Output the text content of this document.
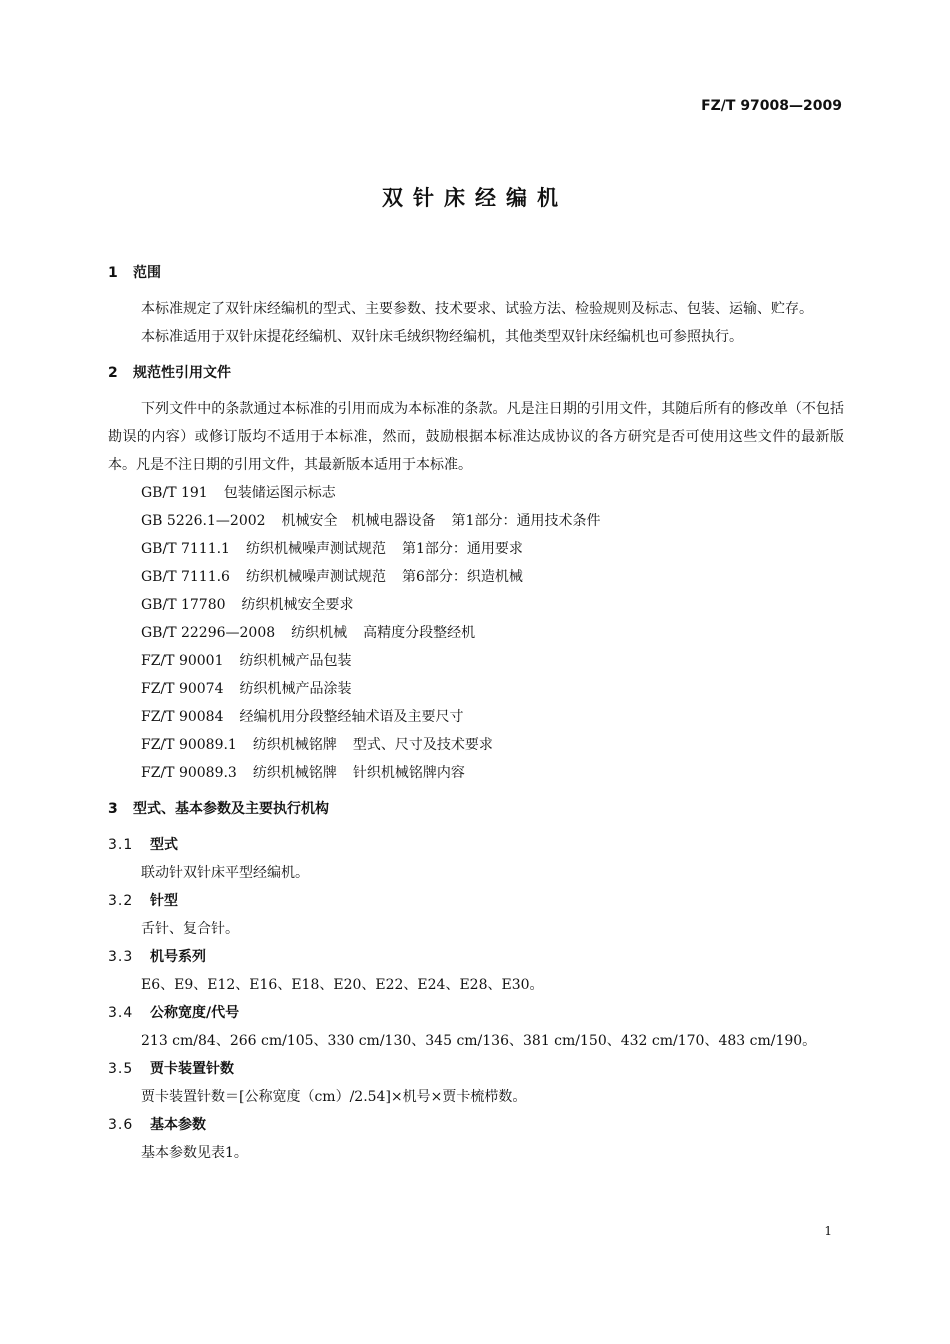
FZ/T 97008—2009
双针床经编机
1 范围

本标准规定了双针床经编机的型式、主要参数、技术要求、试验方法、检验规则及标志、包装、运输、贮存。

本标准适用于双针床提花经编机、双针床毛绒织物经编机，其他类型双针床经编机也可参照执行。

2 规范性引用文件

下列文件中的条款通过本标准的引用而成为本标准的条款。凡是注日期的引用文件，其随后所有的修改单（不包括勘误的内容）或修订版均不适用于本标准，然而，鼓励根据本标准达成协议的各方研究是否可使用这些文件的最新版本。凡是不注日期的引用文件，其最新版本适用于本标准。

GB/T 191 包装储运图示标志

GB 5226.1—2002 机械安全　机械电器设备 第1部分：通用技术条件

GB/T 7111.1 纺织机械噪声测试规范 第1部分：通用要求

GB/T 7111.6 纺织机械噪声测试规范 第6部分：织造机械

GB/T 17780 纺织机械安全要求

GB/T 22296—2008 纺织机械 高精度分段整经机

FZ/T 90001 纺织机械产品包装

FZ/T 90074 纺织机械产品涂装

FZ/T 90084 经编机用分段整经轴术语及主要尺寸

FZ/T 90089.1 纺织机械铭牌 型式、尺寸及技术要求

FZ/T 90089.3 纺织机械铭牌 针织机械铭牌内容

3 型式、基本参数及主要执行机构
3.1 型式

联动针双针床平型经编机。

3.2 针型

舌针、复合针。

3.3 机号系列

E6、E9、E12、E16、E18、E20、E22、E24、E28、E30。

3.4 公称宽度/代号

213 cm/84、266 cm/105、330 cm/130、345 cm/136、381 cm/150、432 cm/170、483 cm/190。

3.5 贾卡装置针数

贾卡装置针数＝[公称宽度（cm）/2.54]×机号×贾卡梳栉数。

3.6 基本参数

基本参数见表1。

1
